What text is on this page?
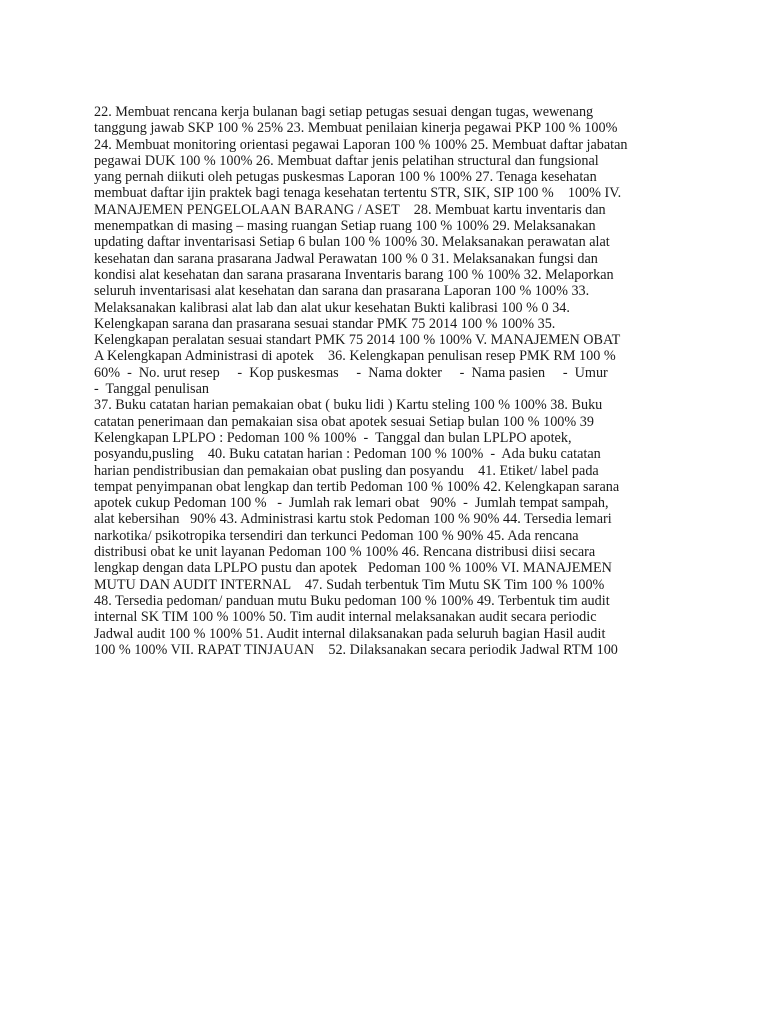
22. Membuat rencana kerja bulanan bagi setiap petugas sesuai dengan tugas, wewenang
tanggung jawab SKP 100 % 25% 23. Membuat penilaian kinerja pegawai PKP 100 % 100%
24. Membuat monitoring orientasi pegawai Laporan 100 % 100% 25. Membuat daftar jabatan
pegawai DUK 100 % 100% 26. Membuat daftar jenis pelatihan structural dan fungsional
yang pernah diikuti oleh petugas puskesmas Laporan 100 % 100% 27. Tenaga kesehatan
membuat daftar ijin praktek bagi tenaga kesehatan tertentu STR, SIK, SIP 100 %    100% IV.
MANAJEMEN PENGELOLAAN BARANG / ASET    28. Membuat kartu inventaris dan
menempatkan di masing – masing ruangan Setiap ruang 100 % 100% 29. Melaksanakan
updating daftar inventarisasi Setiap 6 bulan 100 % 100% 30. Melaksanakan perawatan alat
kesehatan dan sarana prasarana Jadwal Perawatan 100 % 0 31. Melaksanakan fungsi dan
kondisi alat kesehatan dan sarana prasarana Inventaris barang 100 % 100% 32. Melaporkan
seluruh inventarisasi alat kesehatan dan sarana dan prasarana Laporan 100 % 100% 33.
Melaksanakan kalibrasi alat lab dan alat ukur kesehatan Bukti kalibrasi 100 % 0 34.
Kelengkapan sarana dan prasarana sesuai standar PMK 75 2014 100 % 100% 35.
Kelengkapan peralatan sesuai standart PMK 75 2014 100 % 100% V. MANAJEMEN OBAT
A Kelengkapan Administrasi di apotek    36. Kelengkapan penulisan resep PMK RM 100 %
60%  -  No. urut resep     -  Kop puskesmas     -  Nama dokter     -  Nama pasien     -  Umur
-  Tanggal penulisan
37. Buku catatan harian pemakaian obat ( buku lidi ) Kartu steling 100 % 100% 38. Buku
catatan penerimaan dan pemakaian sisa obat apotek sesuai Setiap bulan 100 % 100% 39
Kelengkapan LPLPO : Pedoman 100 % 100%  -  Tanggal dan bulan LPLPO apotek,
posyandu,pusling    40. Buku catatan harian : Pedoman 100 % 100%  -  Ada buku catatan
harian pendistribusian dan pemakaian obat pusling dan posyandu    41. Etiket/ label pada
tempat penyimpanan obat lengkap dan tertib Pedoman 100 % 100% 42. Kelengkapan sarana
apotek cukup Pedoman 100 %   -  Jumlah rak lemari obat   90%  -  Jumlah tempat sampah,
alat kebersihan   90% 43. Administrasi kartu stok Pedoman 100 % 90% 44. Tersedia lemari
narkotika/ psikotropika tersendiri dan terkunci Pedoman 100 % 90% 45. Ada rencana
distribusi obat ke unit layanan Pedoman 100 % 100% 46. Rencana distribusi diisi secara
lengkap dengan data LPLPO pustu dan apotek   Pedoman 100 % 100% VI. MANAJEMEN
MUTU DAN AUDIT INTERNAL    47. Sudah terbentuk Tim Mutu SK Tim 100 % 100%
48. Tersedia pedoman/ panduan mutu Buku pedoman 100 % 100% 49. Terbentuk tim audit
internal SK TIM 100 % 100% 50. Tim audit internal melaksanakan audit secara periodic
Jadwal audit 100 % 100% 51. Audit internal dilaksanakan pada seluruh bagian Hasil audit
100 % 100% VII. RAPAT TINJAUAN    52. Dilaksanakan secara periodik Jadwal RTM 100
